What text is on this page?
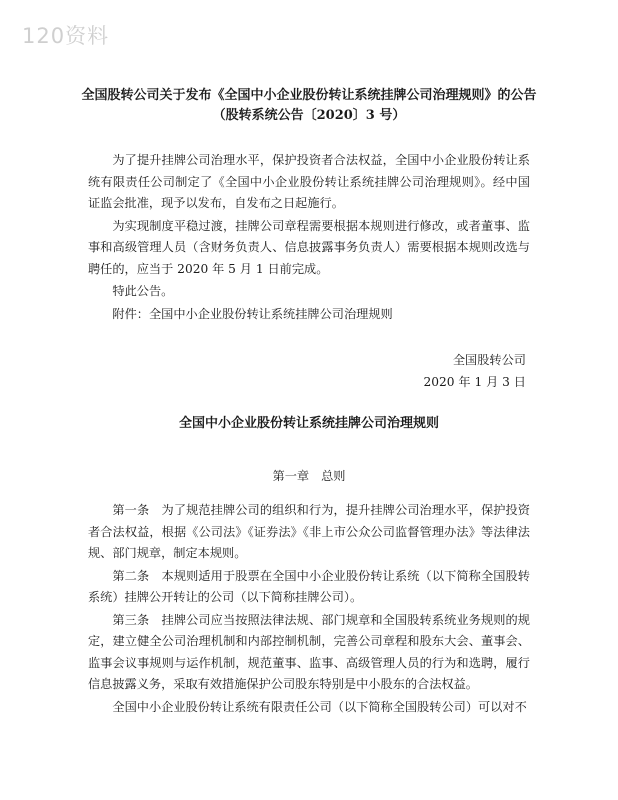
120资料
全国股转公司关于发布《全国中小企业股份转让系统挂牌公司治理规则》的公告
（股转系统公告〔2020〕3 号）

为了提升挂牌公司治理水平，保护投资者合法权益，全国中小企业股份转让系统有限责任公司制定了《全国中小企业股份转让系统挂牌公司治理规则》。经中国证监会批准，现予以发布，自发布之日起施行。

为实现制度平稳过渡，挂牌公司章程需要根据本规则进行修改，或者董事、监事和高级管理人员（含财务负责人、信息披露事务负责人）需要根据本规则改选与聘任的，应当于 2020 年 5 月 1 日前完成。

特此公告。

附件：全国中小企业股份转让系统挂牌公司治理规则

全国股转公司
2020 年 1 月 3 日
全国中小企业股份转让系统挂牌公司治理规则
第一章 总则

第一条　为了规范挂牌公司的组织和行为，提升挂牌公司治理水平，保护投资者合法权益，根据《公司法》《证券法》《非上市公众公司监督管理办法》等法律法规、部门规章，制定本规则。

第二条　本规则适用于股票在全国中小企业股份转让系统（以下简称全国股转系统）挂牌公开转让的公司（以下简称挂牌公司）。

第三条　挂牌公司应当按照法律法规、部门规章和全国股转系统业务规则的规定，建立健全公司治理机制和内部控制机制，完善公司章程和股东大会、董事会、监事会议事规则与运作机制，规范董事、监事、高级管理人员的行为和选聘，履行信息披露义务，采取有效措施保护公司股东特别是中小股东的合法权益。

全国中小企业股份转让系统有限责任公司（以下简称全国股转公司）可以对不
